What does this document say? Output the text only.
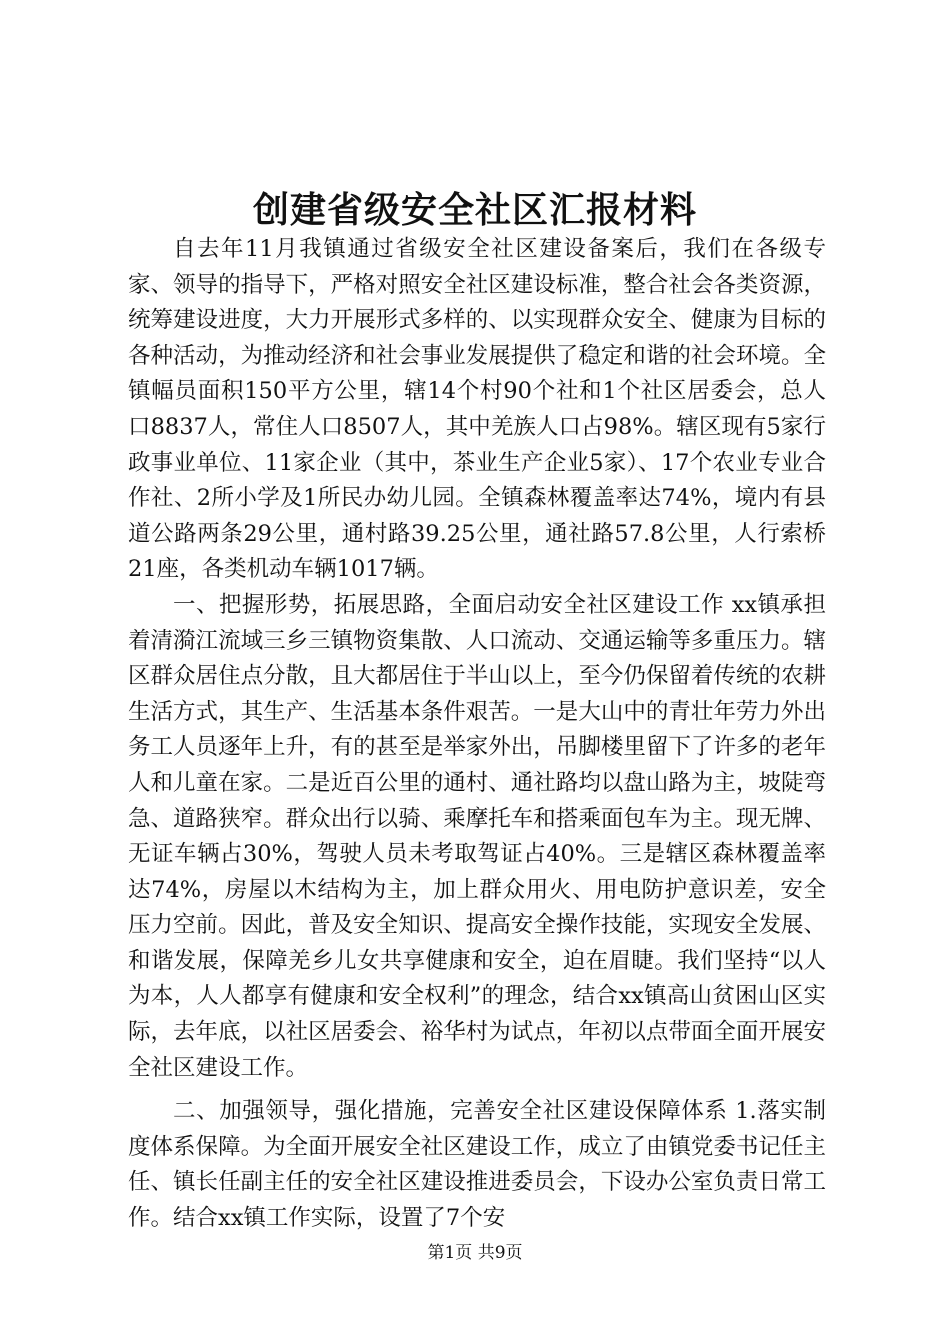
创建省级安全社区汇报材料

自去年11月我镇通过省级安全社区建设备案后，我们在各级专家、领导的指导下，严格对照安全社区建设标准，整合社会各类资源，统筹建设进度，大力开展形式多样的、以实现群众安全、健康为目标的各种活动，为推动经济和社会事业发展提供了稳定和谐的社会环境。全镇幅员面积150平方公里，辖14个村90个社和1个社区居委会，总人口8837人，常住人口8507人，其中羌族人口占98%。辖区现有5家行政事业单位、11家企业（其中，茶业生产企业5家）、17个农业专业合作社、2所小学及1所民办幼儿园。全镇森林覆盖率达74%，境内有县道公路两条29公里，通村路39.25公里，通社路57.8公里，人行索桥21座，各类机动车辆1017辆。

一、把握形势，拓展思路，全面启动安全社区建设工作 xx镇承担着清漪江流域三乡三镇物资集散、人口流动、交通运输等多重压力。辖区群众居住点分散，且大都居住于半山以上，至今仍保留着传统的农耕生活方式，其生产、生活基本条件艰苦。一是大山中的青壮年劳力外出务工人员逐年上升，有的甚至是举家外出，吊脚楼里留下了许多的老年人和儿童在家。二是近百公里的通村、通社路均以盘山路为主，坡陡弯急、道路狭窄。群众出行以骑、乘摩托车和搭乘面包车为主。现无牌、无证车辆占30%，驾驶人员未考取驾证占40%。三是辖区森林覆盖率达74%，房屋以木结构为主，加上群众用火、用电防护意识差，安全压力空前。因此，普及安全知识、提高安全操作技能，实现安全发展、和谐发展，保障羌乡儿女共享健康和安全，迫在眉睫。我们坚持“以人为本，人人都享有健康和安全权利”的理念，结合xx镇高山贫困山区实际，去年底，以社区居委会、裕华村为试点，年初以点带面全面开展安全社区建设工作。

二、加强领导，强化措施，完善安全社区建设保障体系 1.落实制度体系保障。为全面开展安全社区建设工作，成立了由镇党委书记任主任、镇长任副主任的安全社区建设推进委员会，下设办公室负责日常工作。结合xx镇工作实际，设置了7个安

第1页 共9页
